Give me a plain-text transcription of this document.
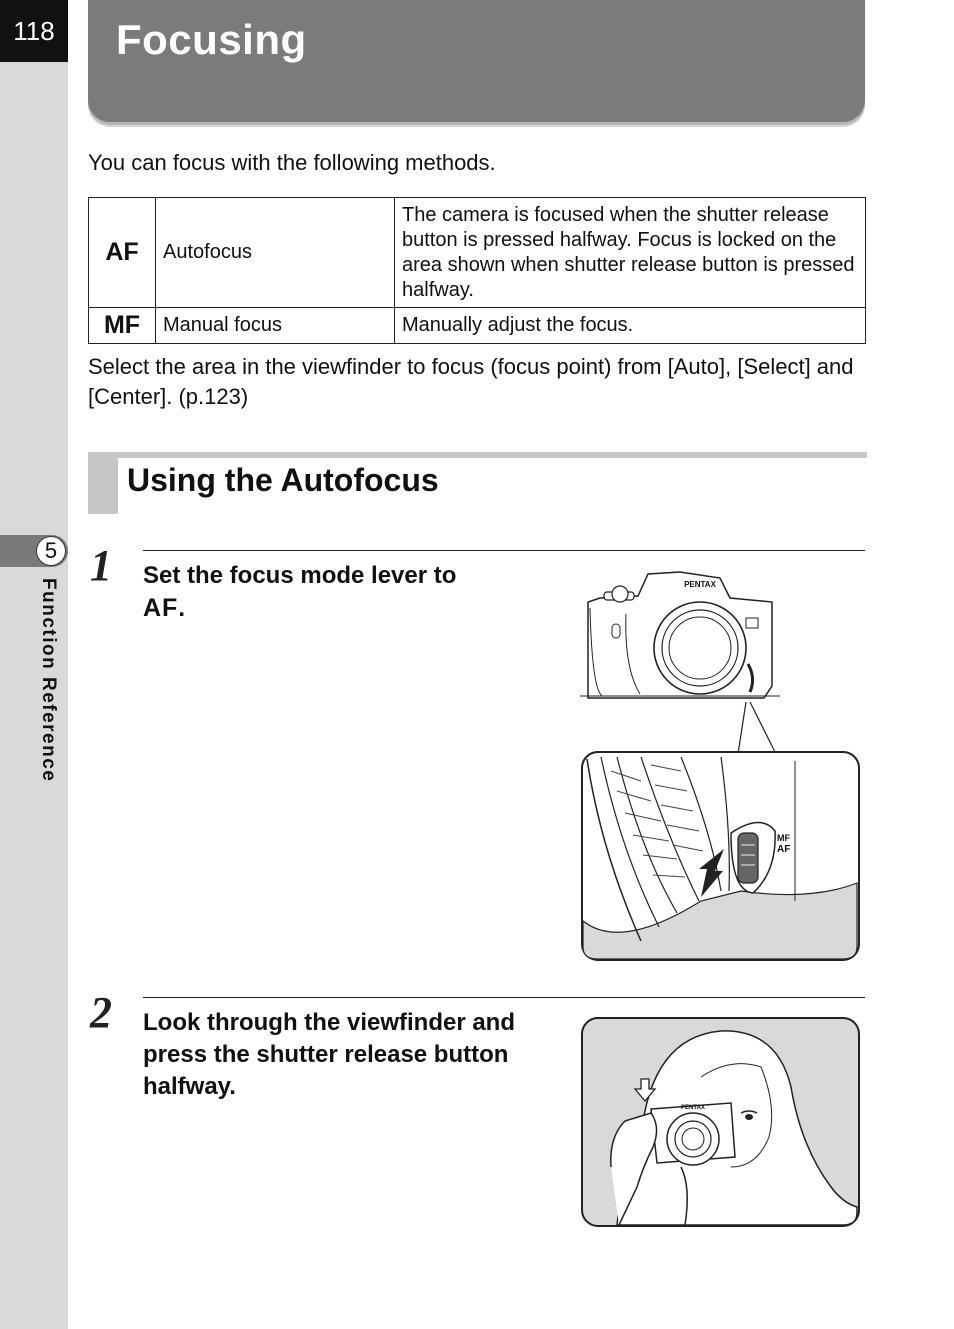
118
5
Function Reference
Focusing
You can focus with the following methods.
AF	Autofocus	The camera is focused when the shutter release button is pressed halfway. Focus is locked on the area shown when shutter release button is pressed halfway.
MF	Manual focus	Manually adjust the focus.
Select the area in the viewfinder to focus (focus point) from [Auto], [Select] and [Center]. (p.123)
Using the Autofocus
1 Set the focus mode lever to
AF.
PENTAX
MF
AF
2 Look through the viewfinder and press the shutter release button halfway.
PENTAX
